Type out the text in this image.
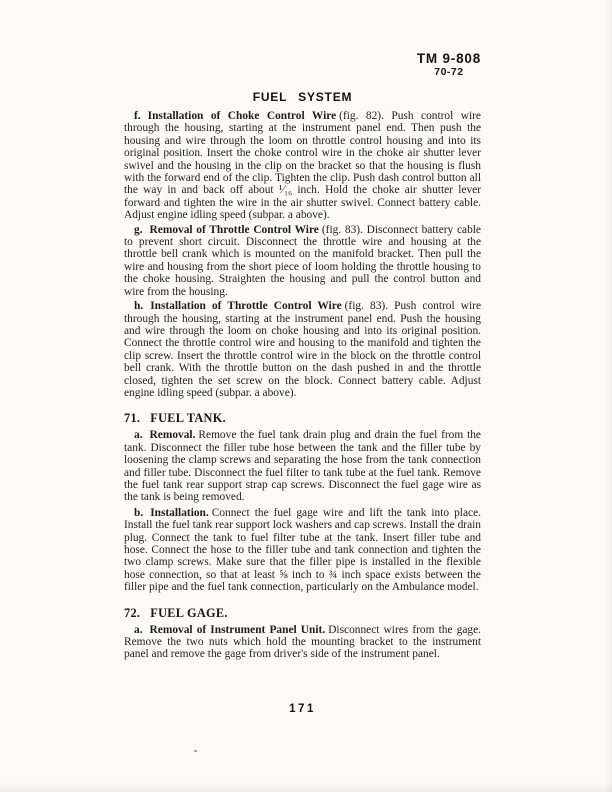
TM 9-808
70-72
FUEL SYSTEM

f. Installation of Choke Control Wire (fig. 82). Push control wire through the housing, starting at the instrument panel end. Then push the housing and wire through the loom on throttle control housing and into its original position. Insert the choke control wire in the choke air shutter lever swivel and the housing in the clip on the bracket so that the housing is flush with the forward end of the clip. Tighten the clip. Push dash control button all the way in and back off about ¹⁄₁₆ inch. Hold the choke air shutter lever forward and tighten the wire in the air shutter swivel. Connect battery cable. Adjust engine idling speed (subpar. a above).

g. Removal of Throttle Control Wire (fig. 83). Disconnect battery cable to prevent short circuit. Disconnect the throttle wire and housing at the throttle bell crank which is mounted on the manifold bracket. Then pull the wire and housing from the short piece of loom holding the throttle housing to the choke housing. Straighten the housing and pull the control button and wire from the housing.

h. Installation of Throttle Control Wire (fig. 83). Push control wire through the housing, starting at the instrument panel end. Push the housing and wire through the loom on choke housing and into its original position. Connect the throttle control wire and housing to the manifold and tighten the clip screw. Insert the throttle control wire in the block on the throttle control bell crank. With the throttle button on the dash pushed in and the throttle closed, tighten the set screw on the block. Connect battery cable. Adjust engine idling speed (subpar. a above).

71. FUEL TANK.

a. Removal. Remove the fuel tank drain plug and drain the fuel from the tank. Disconnect the filler tube hose between the tank and the filler tube by loosening the clamp screws and separating the hose from the tank connection and filler tube. Disconnect the fuel filter to tank tube at the fuel tank. Remove the fuel tank rear support strap cap screws. Disconnect the fuel gage wire as the tank is being removed.

b. Installation. Connect the fuel gage wire and lift the tank into place. Install the fuel tank rear support lock washers and cap screws. Install the drain plug. Connect the tank to fuel filter tube at the tank. Insert filler tube and hose. Connect the hose to the filler tube and tank connection and tighten the two clamp screws. Make sure that the filler pipe is installed in the flexible hose connection, so that at least ⅝ inch to ¾ inch space exists between the filler pipe and the fuel tank connection, particularly on the Ambulance model.

72. FUEL GAGE.

a. Removal of Instrument Panel Unit. Disconnect wires from the gage. Remove the two nuts which hold the mounting bracket to the instrument panel and remove the gage from driver's side of the instrument panel.

171
